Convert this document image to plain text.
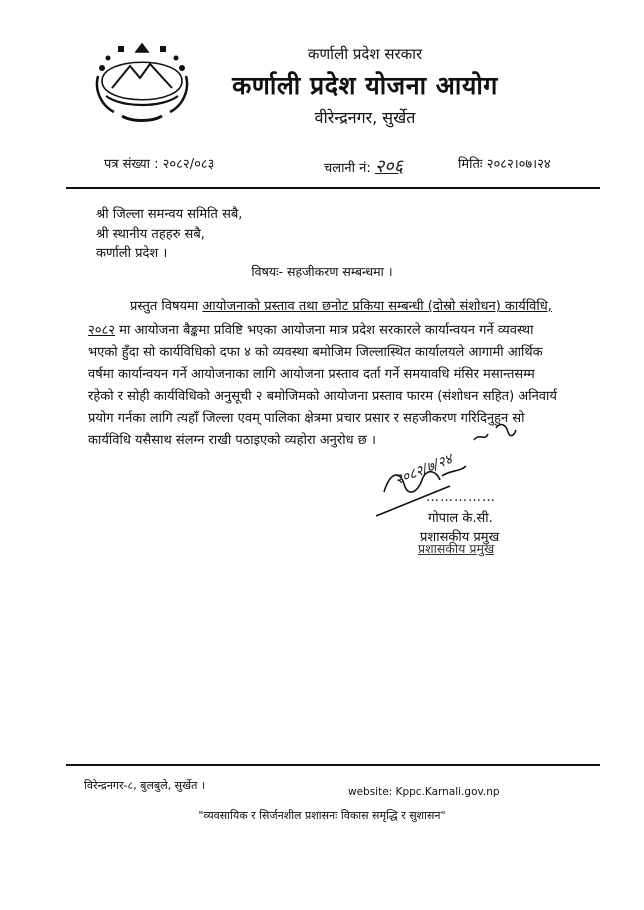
कर्णाली प्रदेश सरकार
कर्णाली प्रदेश योजना आयोग
वीरेन्द्रनगर, सुर्खेत
पत्र संख्या : २०८२/०८३	चलानी नं: २०६	मितिः २०८२।०७।२४
श्री जिल्ला समन्वय समिति सबै,
श्री स्थानीय तहहरु सबै,
कर्णाली प्रदेश ।
विषयः- सहजीकरण सम्बन्धमा ।
प्रस्तुत विषयमा आयोजनाको प्रस्ताव तथा छनोट प्रकिया सम्बन्धी (दोस्रो संशोधन) कार्यविधि,
२०८२ मा आयोजना बैङ्कमा प्रविष्टि भएका आयोजना मात्र प्रदेश सरकारले कार्यान्वयन गर्ने व्यवस्था
भएको हुँदा सो कार्यविधिको दफा ४ को व्यवस्था बमोजिम जिल्लास्थित कार्यालयले आगामी आर्थिक
वर्षमा कार्यान्वयन गर्ने आयोजनाका लागि आयोजना प्रस्ताव दर्ता गर्ने समयावधि मंसिर मसान्तसम्म
रहेको र सोही कार्यविधिको अनुसूची २ बमोजिमको आयोजना प्रस्ताव फारम (संशोधन सहित) अनिवार्य
प्रयोग गर्नका लागि त्यहाँ जिल्ला एवम् पालिका क्षेत्रमा प्रचार प्रसार र सहजीकरण गरिदिनुहुन सो
कार्यविधि यसैसाथ संलग्न राखी पठाइएको व्यहोरा अनुरोध छ ।
२०८२/७/२४
……………
गोपाल के.सी.
प्रशासकीय प्रमुख
प्रशासकीय प्रमुख
विरेन्द्रनगर-८, बुलबुले, सुर्खेत ।	website: Kppc.Karnali.gov.np
"व्यवसायिक र सिर्जनशील प्रशासनः विकास समृद्धि र सुशासन"
